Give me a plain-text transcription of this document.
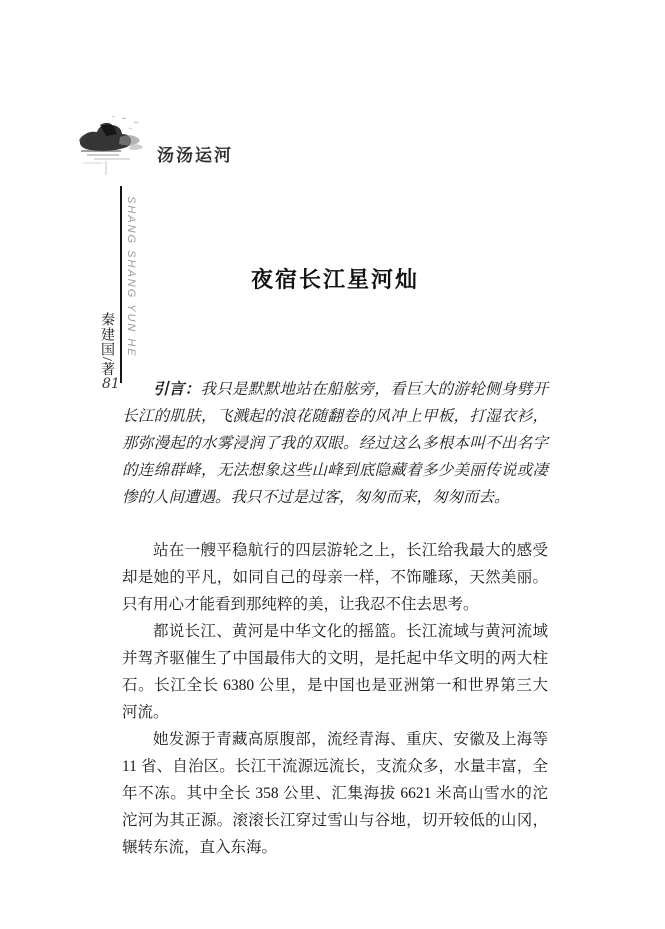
汤汤运河
SHANG SHANG YUN HE
秦建国/著
81
夜宿长江星河灿

引言：我只是默默地站在船舷旁，看巨大的游轮侧身劈开长江的肌肤，飞溅起的浪花随翻卷的风冲上甲板，打湿衣衫，那弥漫起的水雾浸润了我的双眼。经过这么多根本叫不出名字的连绵群峰，无法想象这些山峰到底隐藏着多少美丽传说或凄惨的人间遭遇。我只不过是过客，匆匆而来，匆匆而去。

站在一艘平稳航行的四层游轮之上，长江给我最大的感受却是她的平凡，如同自己的母亲一样，不饰雕琢，天然美丽。只有用心才能看到那纯粹的美，让我忍不住去思考。

都说长江、黄河是中华文化的摇篮。长江流域与黄河流域并驾齐驱催生了中国最伟大的文明，是托起中华文明的两大柱石。长江全长 6380 公里，是中国也是亚洲第一和世界第三大河流。

她发源于青藏高原腹部，流经青海、重庆、安徽及上海等 11 省、自治区。长江干流源远流长，支流众多，水量丰富，全年不冻。其中全长 358 公里、汇集海拔 6621 米高山雪水的沱沱河为其正源。滚滚长江穿过雪山与谷地，切开较低的山冈，辗转东流，直入东海。
